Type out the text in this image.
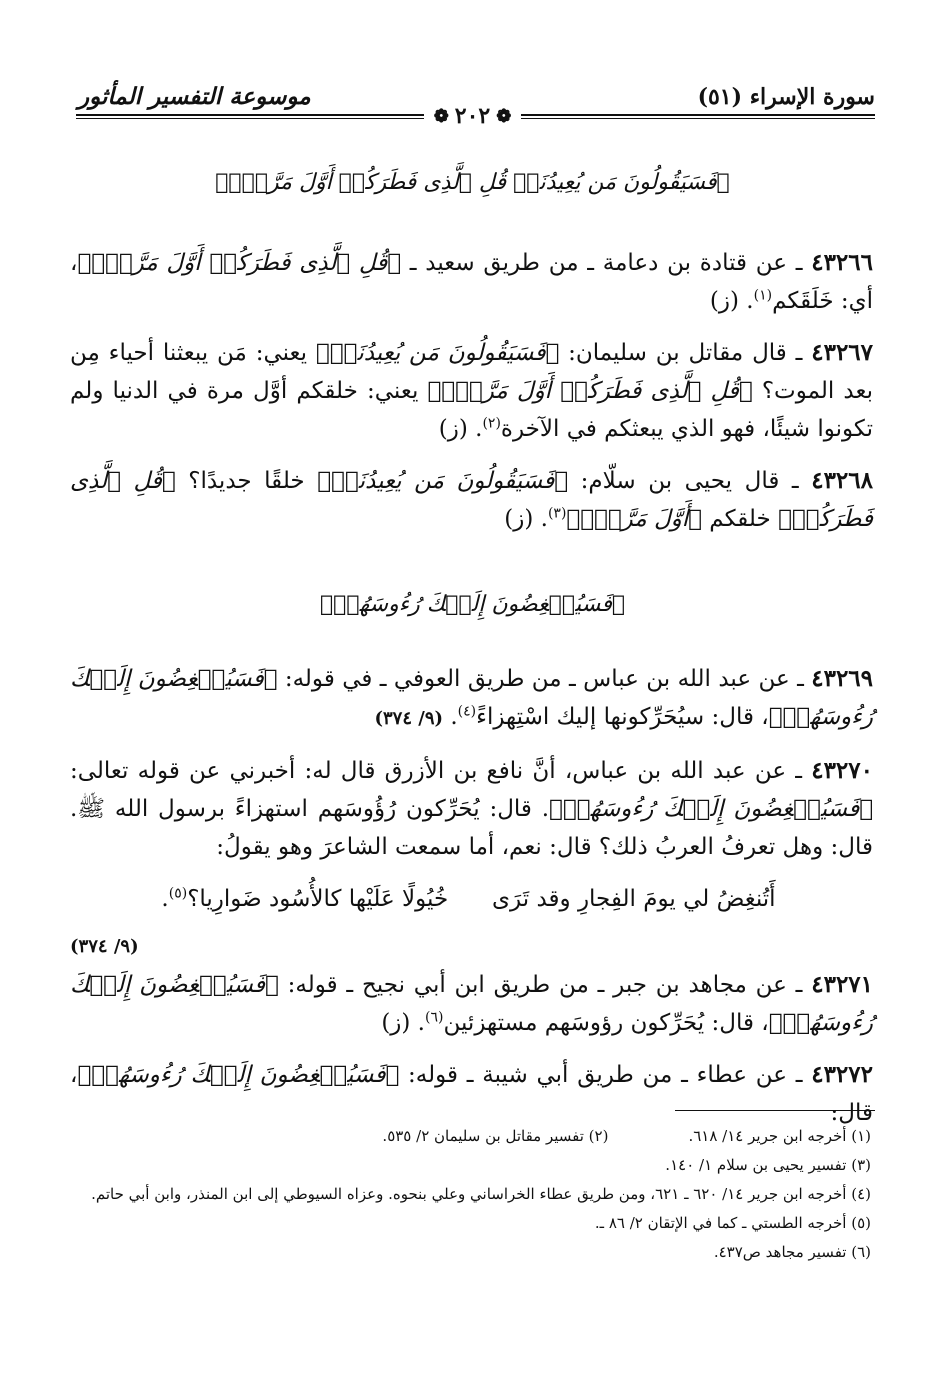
سورة الإسراء (٥١)
موسوعة التفسير المأثور
❁
٢٠٢
❁
﴿فَسَيَقُولُونَ مَن يُعِيدُنَاۖ قُلِ ٱلَّذِى فَطَرَكُمۡ أَوَّلَ مَرَّةٖۚ﴾
٤٣٢٦٦ ـ عن قتادة بن دعامة ـ من طريق سعيد ـ ﴿قُلِ ٱلَّذِى فَطَرَكُمۡ أَوَّلَ مَرَّةٖۚ﴾، أي: خَلَقَكم$^{(١)}$. (ز)
٤٣٢٦٧ ـ قال مقاتل بن سليمان: ﴿فَسَيَقُولُونَ مَن يُعِيدُنَاۖ﴾ يعني: مَن يبعثنا أحياء مِن بعد الموت؟ ﴿قُلِ ٱلَّذِى فَطَرَكُمۡ أَوَّلَ مَرَّةٖۚ﴾ يعني: خلقكم أوَّل مرة في الدنيا ولم تكونوا شيئًا، فهو الذي يبعثكم في الآخرة$^{(٢)}$. (ز)
٤٣٢٦٨ ـ قال يحيى بن سلّام: ﴿فَسَيَقُولُونَ مَن يُعِيدُنَاۖ﴾ خلقًا جديدًا؟ ﴿قُلِ ٱلَّذِى فَطَرَكُمۡ﴾ خلقكم ﴿أَوَّلَ مَرَّةٖۚ﴾$^{(٣)}$. (ز)
﴿فَسَيُنۡغِضُونَ إِلَيۡكَ رُءُوسَهُمۡ﴾
٤٣٢٦٩ ـ عن عبد الله بن عباس ـ من طريق العوفي ـ في قوله: ﴿فَسَيُنۡغِضُونَ إِلَيۡكَ رُءُوسَهُمۡ﴾، قال: سيُحَرِّكونها إليك اسْتِهزاءً$^{(٤)}$. (٩/ ٣٧٤)
٤٣٢٧٠ ـ عن عبد الله بن عباس، أنَّ نافع بن الأزرق قال له: أخبرني عن قوله تعالى: ﴿فَسَيُنۡغِضُونَ إِلَيۡكَ رُءُوسَهُمۡ﴾. قال: يُحَرِّكون رُؤُوسَهم استهزاءً برسول الله ﷺ. قال: وهل تعرفُ العربُ ذلك؟ قال: نعم، أما سمعت الشاعرَ وهو يقولُ:
أَتُنغِضُ لي يومَ الفِجارِ وقد تَرَى      خُيُولًا عَلَيْها كالأُسُود ضَوارِيا؟$^{(٥)}$.
(٩/ ٣٧٤)
٤٣٢٧١ ـ عن مجاهد بن جبر ـ من طريق ابن أبي نجيح ـ قوله: ﴿فَسَيُنۡغِضُونَ إِلَيۡكَ رُءُوسَهُمۡ﴾، قال: يُحَرِّكون رؤوسَهم مستهزئين$^{(٦)}$. (ز)
٤٣٢٧٢ ـ عن عطاء ـ من طريق أبي شيبة ـ قوله: ﴿فَسَيُنۡغِضُونَ إِلَيۡكَ رُءُوسَهُمۡ﴾، قال:
(١) أخرجه ابن جرير ١٤/ ٦١٨.
(٢) تفسير مقاتل بن سليمان ٢/ ٥٣٥.
(٣) تفسير يحيى بن سلام ١/ ١٤٠.
(٤) أخرجه ابن جرير ١٤/ ٦٢٠ ـ ٦٢١، ومن طريق عطاء الخراساني وعلي بنحوه. وعزاه السيوطي إلى ابن المنذر، وابن أبي حاتم.
(٥) أخرجه الطستي ـ كما في الإتقان ٢/ ٨٦ ـ.
(٦) تفسير مجاهد ص٤٣٧.
